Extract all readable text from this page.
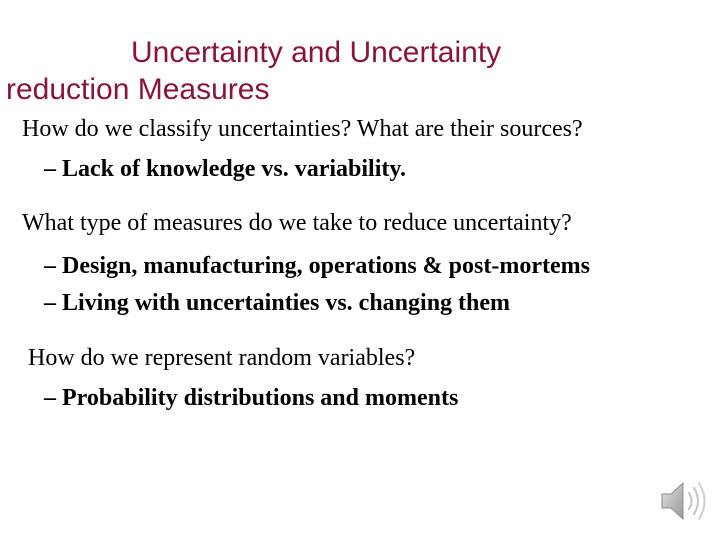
Uncertainty and Uncertainty
reduction Measures
How do we classify uncertainties? What are their sources?
– Lack of knowledge vs. variability.
What type of measures do we take to reduce uncertainty?
– Design, manufacturing, operations & post-mortems
– Living with uncertainties vs. changing them
How do we represent random variables?
– Probability distributions and moments
